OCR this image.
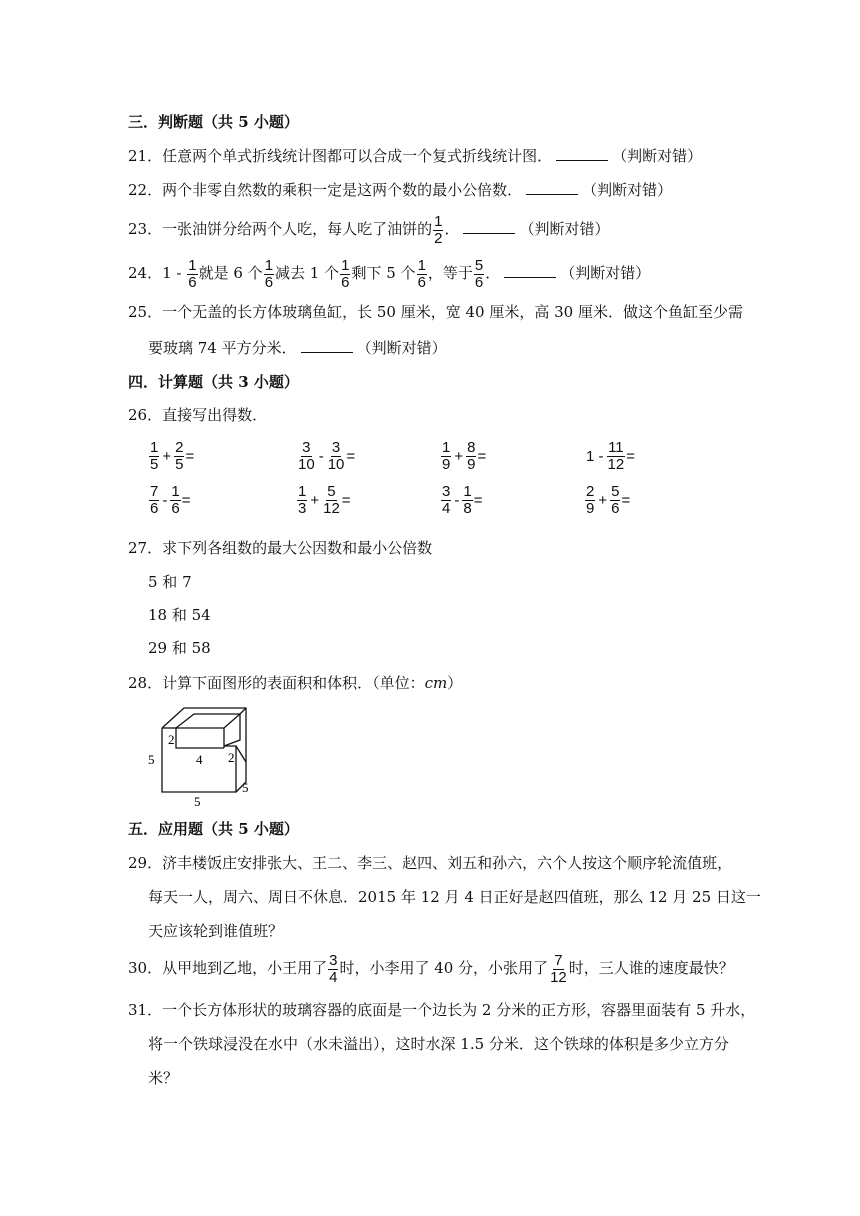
三．判断题（共 5 小题）
21．任意两个单式折线统计图都可以合成一个复式折线统计图．	（判断对错）
22．两个非零自然数的乘积一定是这两个数的最小公倍数．	（判断对错）
23．一张油饼分给两个人吃，每人吃了油饼的 $\frac{1}{2}$ ．	（判断对错）
24．$1 - \frac{1}{6}$ 就是 6 个 $\frac{1}{6}$ 减去 1 个 $\frac{1}{6}$ 剩下 5 个 $\frac{1}{6}$ ，等于 $\frac{5}{6}$ ．	（判断对错）
25．一个无盖的长方体玻璃鱼缸，长 50 厘米，宽 40 厘米，高 30 厘米．做这个鱼缸至少需
要玻璃 74 平方分米．	（判断对错）
四．计算题（共 3 小题）
26．直接写出得数．
$\frac{1}{5} + \frac{2}{5}$ =	$\frac{3}{10} - \frac{3}{10}$ =	$\frac{1}{9} + \frac{8}{9}$ =	$1 - \frac{11}{12}$ =
$\frac{7}{6} - \frac{1}{6}$ =	$\frac{1}{3} + \frac{5}{12}$ =	$\frac{3}{4} - \frac{1}{8}$ =	$\frac{2}{9} + \frac{5}{6}$ =
27．求下列各组数的最大公因数和最小公倍数
5 和 7
18 和 54
29 和 58
28．计算下面图形的表面积和体积．（单位：cm）
5
5
5
2
4 2
五．应用题（共 5 小题）
29．济丰楼饭庄安排张大、王二、李三、赵四、刘五和孙六，六个人按这个顺序轮流值班，
每天一人，周六、周日不休息．2015 年 12 月 4 日正好是赵四值班，那么 12 月 25 日这一
天应该轮到谁值班？
30．从甲地到乙地，小王用了 $\frac{3}{4}$ 时，小李用了 40 分，小张用了 $\frac{7}{12}$ 时，三人谁的速度最快？
31．一个长方体形状的玻璃容器的底面是一个边长为 2 分米的正方形，容器里面装有 5 升水，
将一个铁球浸没在水中（水未溢出），这时水深 1.5 分米．这个铁球的体积是多少立方分
米？
